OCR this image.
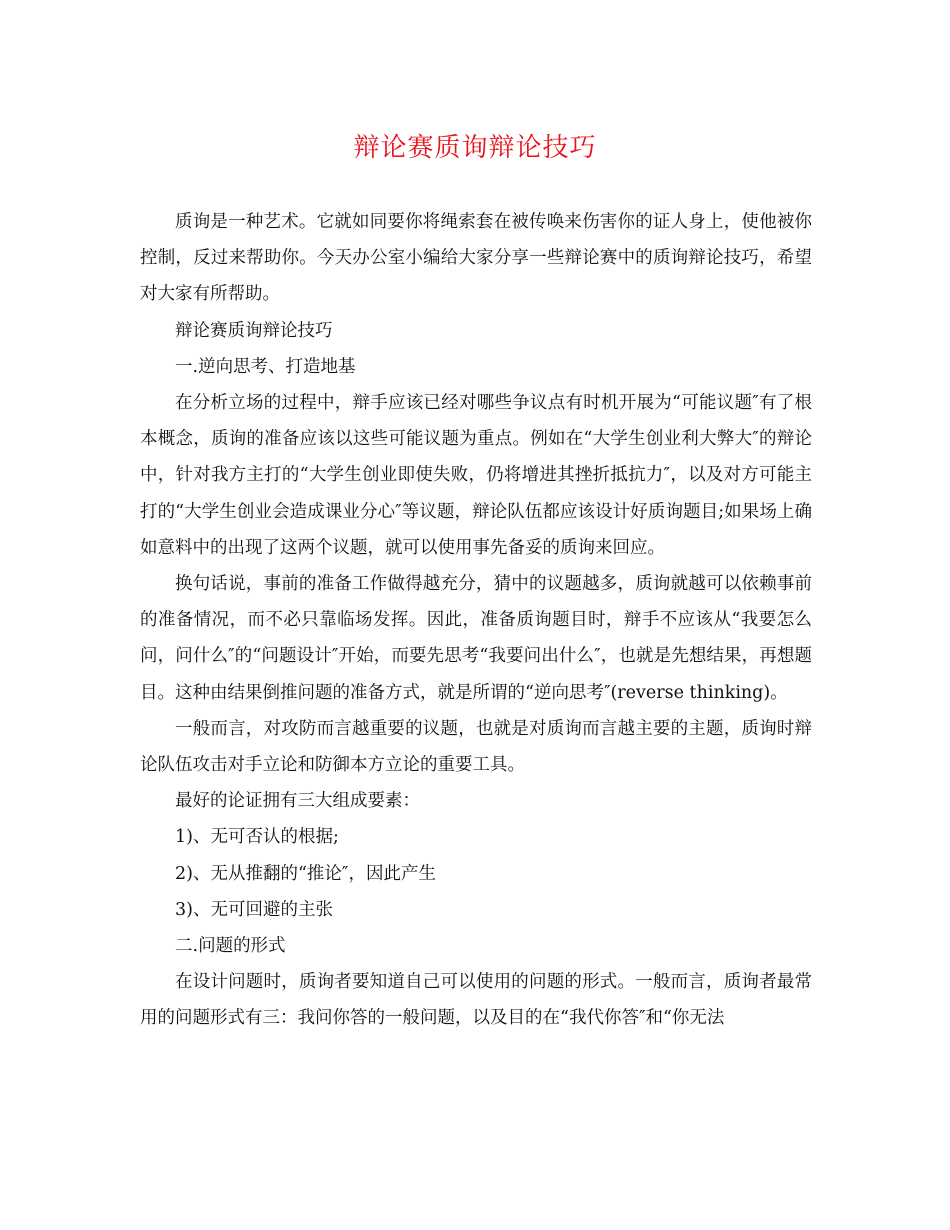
辩论赛质询辩论技巧

质询是一种艺术。它就如同要你将绳索套在被传唤来伤害你的证人身上，使他被你控制，反过来帮助你。今天办公室小编给大家分享一些辩论赛中的质询辩论技巧，希望对大家有所帮助。

辩论赛质询辩论技巧

一.逆向思考、打造地基

在分析立场的过程中，辩手应该已经对哪些争议点有时机开展为“可能议题″有了根本概念，质询的准备应该以这些可能议题为重点。例如在“大学生创业利大弊大″的辩论中，针对我方主打的“大学生创业即使失败，仍将增进其挫折抵抗力″，以及对方可能主打的“大学生创业会造成课业分心″等议题，辩论队伍都应该设计好质询题目;如果场上确如意料中的出现了这两个议题，就可以使用事先备妥的质询来回应。

换句话说，事前的准备工作做得越充分，猜中的议题越多，质询就越可以依赖事前的准备情况，而不必只靠临场发挥。因此，准备质询题目时，辩手不应该从“我要怎么问，问什么″的“问题设计″开始，而要先思考“我要问出什么″，也就是先想结果，再想题目。这种由结果倒推问题的准备方式，就是所谓的“逆向思考″(reverse thinking)。

一般而言，对攻防而言越重要的议题，也就是对质询而言越主要的主题，质询时辩论队伍攻击对手立论和防御本方立论的重要工具。

最好的论证拥有三大组成要素：

1)、无可否认的根据;

2)、无从推翻的“推论″，因此产生

3)、无可回避的主张

二.问题的形式

在设计问题时，质询者要知道自己可以使用的问题的形式。一般而言，质询者最常用的问题形式有三：我问你答的一般问题，以及目的在“我代你答″和“你无法
